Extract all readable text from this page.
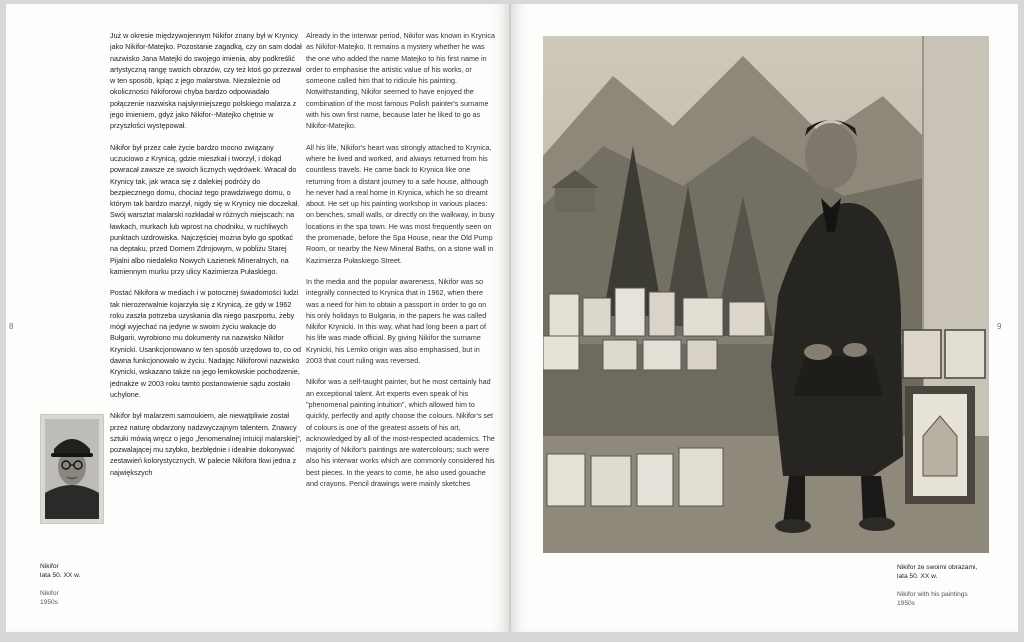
8	9

Już w okresie międzywojennym Nikifor znany był w Krynicy jako Nikifor-Matejko. Pozostanie zagadką, czy on sam dodał nazwisko Jana Matejki do swojego imienia, aby podkreślić artystyczną rangę swoich obrazów, czy też ktoś go przezwał w ten sposób, kpiąc z jego malarstwa. Niezależnie od okoliczności Nikiforowi chyba bardzo odpowiadało połączenie nazwiska najsłynniejszego polskiego malarza z jego imieniem, gdyż jako Nikifor--Matejko chętnie w przyszłości występował.

Nikifor był przez całe życie bardzo mocno związany uczuciowo z Krynicą, gdzie mieszkał i tworzył, i dokąd powracał zawsze ze swoich licznych wędrówek. Wracał do Krynicy tak, jak wraca się z dalekiej podróży do bezpiecznego domu, chociaż tego prawdziwego domu, o którym tak bardzo marzył, nigdy się w Krynicy nie doczekał. Swój warsztat malarski rozkładał w różnych miejscach: na ławkach, murkach lub wprost na chodniku, w ruchliwych punktach uzdrowiska. Najczęściej można było go spotkać na deptaku, przed Domem Zdrojowym, w pobliżu Starej Pijalni albo niedaleko Nowych Łazienek Mineralnych, na kamiennym murku przy ulicy Kazimierza Pułaskiego.

Postać Nikifora w mediach i w potocznej świadomości ludzi tak nierozerwalnie kojarzyła się z Krynicą, że gdy w 1962 roku zaszła potrzeba uzyskania dla niego paszportu, żeby mógł wyjechać na jedyne w swoim życiu wakacje do Bułgarii, wyrobiono mu dokumenty na nazwisko Nikifor Krynicki. Usankcjonowano w ten sposób urzędowo to, co od dawna funkcjonowało w życiu. Nadając Nikiforowi nazwisko Krynicki, wskazano także na jego łemkowskie pochodzenie, jednakże w 2003 roku tamto postanowienie sądu zostało uchylone.

Nikifor był malarzem samoukiem, ale niewątpliwie został przez naturę obdarzony nadzwyczajnym talentem. Znawcy sztuki mówią wręcz o jego „fenomenalnej intuicji malarskiej”, pozwalającej mu szybko, bezbłędnie i idealnie dokonywać zestawień kolorystycznych. W palecie Nikifora tkwi jedna z największych

Already in the interwar period, Nikifor was known in Krynica as Nikifor-Matejko. It remains a mystery whether he was the one who added the name Matejko to his first name in order to emphasise the artistic value of his works, or someone called him that to ridicule his painting. Notwithstanding, Nikifor seemed to have enjoyed the combination of the most famous Polish painter's surname with his own first name, because later he liked to go as Nikifor-Matejko.

All his life, Nikifor's heart was strongly attached to Krynica, where he lived and worked, and always returned from his countless travels. He came back to Krynica like one returning from a distant journey to a safe house, although he never had a real home in Krynica, which he so dreamt about. He set up his painting workshop in various places: on benches, small walls, or directly on the walkway, in busy locations in the spa town. He was most frequently seen on the promenade, before the Spa House, near the Old Pump Room, or nearby the New Mineral Baths, on a stone wall in Kazimierza Pułaskiego Street.

In the media and the popular awareness, Nikifor was so integrally connected to Krynica that in 1962, when there was a need for him to obtain a passport in order to go on his only holidays to Bulgaria, in the papers he was called Nikifor Krynicki. In this way, what had long been a part of his life was made official. By giving Nikifor the surname Krynicki, his Lemko origin was also emphasised, but in 2003 that court ruling was reversed.

Nikifor was a self-taught painter, but he most certainly had an exceptional talent. Art experts even speak of his "phenomenal painting intuition", which allowed him to quickly, perfectly and aptly choose the colours. Nikifor's set of colours is one of the greatest assets of his art, acknowledged by all of the most-respected academics. The majority of Nikifor's paintings are watercolours; such were also his interwar works which are commonly considered his best pieces. In the years to come, he also used gouache and crayons. Pencil drawings were mainly sketches

Nikifor
lata 50. XX w.
Nikifor
1950s
Nikifor ze swoimi obrazami,
lata 50. XX w.
Nikifor with his paintings
1950s
